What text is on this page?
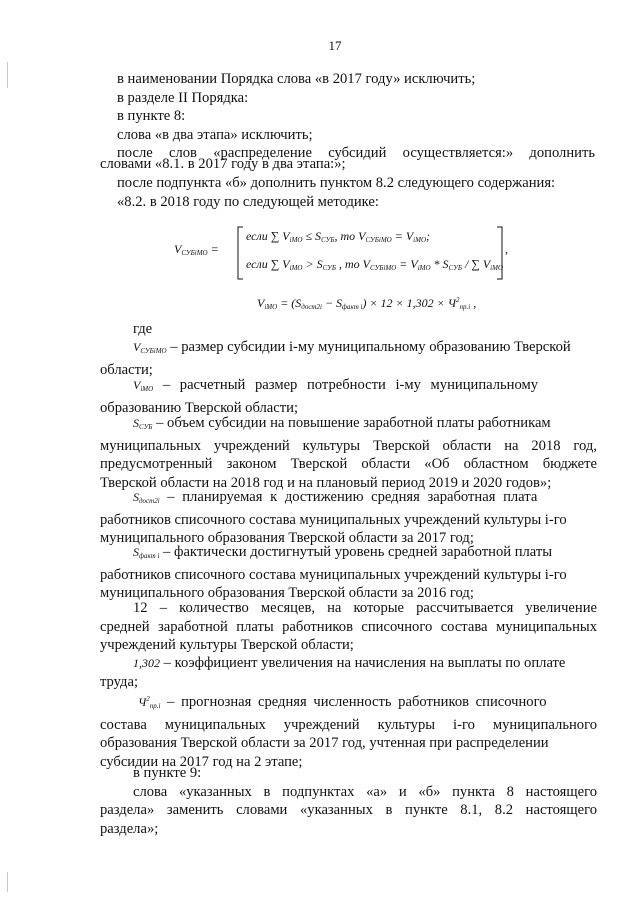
17
в наименовании Порядка слова «в 2017 году» исключить;
в разделе II Порядка:
в пункте 8:
слова «в два этапа» исключить;
после слов «распределение субсидий осуществляется:» дополнить
словами «8.1. в 2017 году в два этапа:»;
после подпункта «б» дополнить пунктом 8.2 следующего содержания:
«8.2. в 2018 году по следующей методике:
$V_{СУБiМО}$ =	,
если ∑ $V_{iМО} \le S_{СУБ}$, то $V_{СУБiМО} = V_{iМО}$;
если ∑ $V_{iМО} > S_{СУБ}$ , то $V_{СУБiМО} = V_{iМО} * S_{СУБ}$ / ∑ $V_{iМО}$
$V_{iМО} = (S_{дост2i} - S_{факт i}) \times 12 \times 1,302 \times Ч^2_{пр.i}$ ,
где
$V_{СУБiМО}$ – размер субсидии i-му муниципальному образованию Тверской
области;
$V_{iМО}$ – расчетный размер потребности i-му муниципальному
образованию Тверской области;
$S_{СУБ}$ – объем субсидии на повышение заработной платы работникам
муниципальных учреждений культуры Тверской области на 2018 год,
предусмотренный законом Тверской области «Об областном бюджете
Тверской области на 2018 год и на плановый период 2019 и 2020 годов»;
$S_{дост2i}$ – планируемая к достижению средняя заработная плата
работников списочного состава муниципальных учреждений культуры i-го
муниципального образования Тверской области за 2017 год;
$S_{факт i}$ – фактически достигнутый уровень средней заработной платы
работников списочного состава муниципальных учреждений культуры i-го
муниципального образования Тверской области за 2016 год;
12 – количество месяцев, на которые рассчитывается увеличение
средней заработной платы работников списочного состава муниципальных
учреждений культуры Тверской области;
1,302 – коэффициент увеличения на начисления на выплаты по оплате
труда;
$Ч^2_{пр.i}$ – прогнозная средняя численность работников списочного
состава муниципальных учреждений культуры i-го муниципального
образования Тверской области за 2017 год, учтенная при распределении
субсидии на 2017 год на 2 этапе;
в пункте 9:
слова «указанных в подпунктах «а» и «б» пункта 8 настоящего
раздела» заменить словами «указанных в пункте 8.1, 8.2 настоящего
раздела»;
